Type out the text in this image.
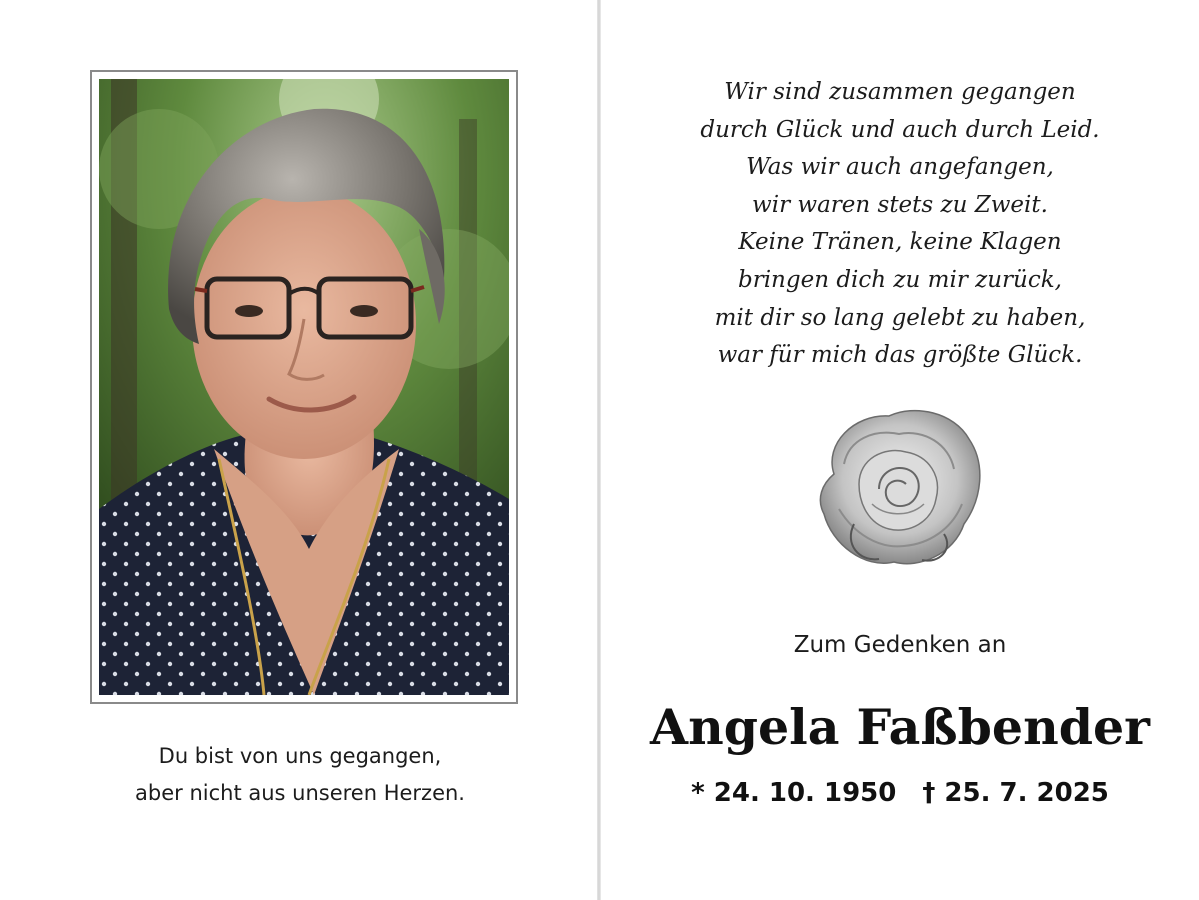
Du bist von uns gegangen,
aber nicht aus unseren Herzen.
Wir sind zusammen gegangen
durch Glück und auch durch Leid.
Was wir auch angefangen,
wir waren stets zu Zweit.
Keine Tränen, keine Klagen
bringen dich zu mir zurück,
mit dir so lang gelebt zu haben,
war für mich das größte Glück.
Zum Gedenken an
Angela Faßbender
* 24. 10. 1950 † 25. 7. 2025
